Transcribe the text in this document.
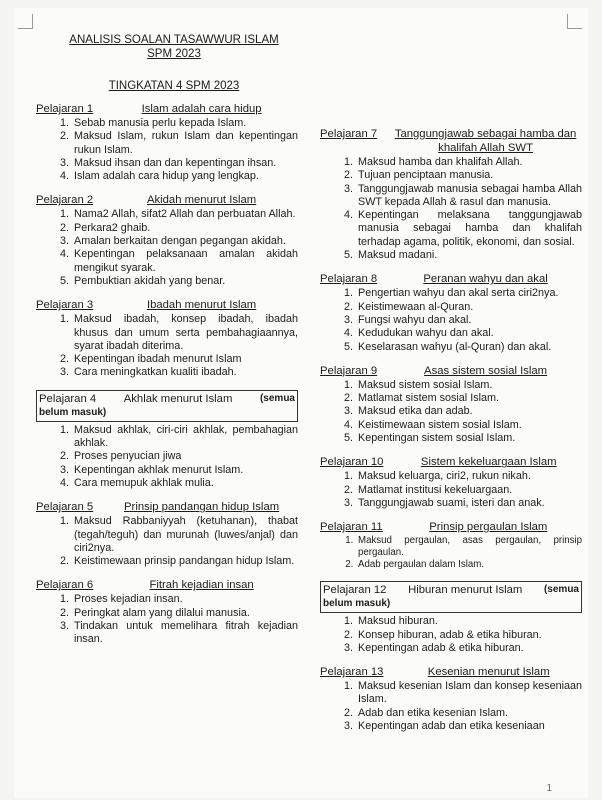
ANALISIS SOALAN TASAWWUR ISLAM
SPM 2023
TINGKATAN 4 SPM 2023
Pelajaran 1	Islam adalah cara hidup
1. Sebab manusia perlu kepada Islam.
2. Maksud Islam, rukun Islam dan kepentingan rukun Islam.
3. Maksud ihsan dan dan kepentingan ihsan.
4. Islam adalah cara hidup yang lengkap.
Pelajaran 2	Akidah menurut Islam
1. Nama2 Allah, sifat2 Allah dan perbuatan Allah.
2. Perkara2 ghaib.
3. Amalan berkaitan dengan pegangan akidah.
4. Kepentingan pelaksanaan amalan akidah mengikut syarak.
5. Pembuktian akidah yang benar.
Pelajaran 3	Ibadah menurut Islam
1. Maksud ibadah, konsep ibadah, ibadah khusus dan umum serta pembahagiaannya, syarat ibadah diterima.
2. Kepentingan ibadah menurut Islam
3. Cara meningkatkan kualiti ibadah.
Pelajaran 4 Akhlak menurut Islam	(semua
belum masuk)
1. Maksud akhlak, ciri-ciri akhlak, pembahagian akhlak.
2. Proses penyucian jiwa
3. Kepentingan akhlak menurut Islam.
4. Cara memupuk akhlak mulia.
Pelajaran 5	Prinsip pandangan hidup Islam
1. Maksud Rabbaniyyah (ketuhanan), thabat (tegah/teguh) dan murunah (luwes/anjal) dan ciri2nya.
2. Keistimewaan prinsip pandangan hidup Islam.
Pelajaran 6	Fitrah kejadian insan
1. Proses kejadian insan.
2. Peringkat alam yang dilalui manusia.
3. Tindakan untuk memelihara fitrah kejadian insan.
Pelajaran 7	Tanggungjawab sebagai hamba dan khalifah Allah SWT
1. Maksud hamba dan khalifah Allah.
2. Tujuan penciptaan manusia.
3. Tanggungjawab manusia sebagai hamba Allah SWT kepada Allah & rasul dan manusia.
4. Kepentingan melaksana tanggungjawab manusia sebagai hamba dan khalifah terhadap agama, politik, ekonomi, dan sosial.
5. Maksud madani.
Pelajaran 8	Peranan wahyu dan akal
1. Pengertian wahyu dan akal serta ciri2nya.
2. Keistimewaan al-Quran.
3. Fungsi wahyu dan akal.
4. Kedudukan wahyu dan akal.
5. Keselarasan wahyu (al-Quran) dan akal.
Pelajaran 9	Asas sistem sosial Islam
1. Maksud sistem sosial Islam.
2. Matlamat sistem sosial Islam.
3. Maksud etika dan adab.
4. Keistimewaan sistem sosial Islam.
5. Kepentingan sistem sosial Islam.
Pelajaran 10	Sistem kekeluargaan Islam
1. Maksud keluarga, ciri2, rukun nikah.
2. Matlamat institusi kekeluargaan.
3. Tanggungjawab suami, isteri dan anak.
Pelajaran 11	Prinsip pergaulan Islam
1. Maksud pergaulan, asas pergaulan, prinsip pergaulan.
2. Adab pergaulan dalam Islam.
Pelajaran 12 Hiburan menurut Islam (semua
belum masuk)
1. Maksud hiburan.
2. Konsep hiburan, adab & etika hiburan.
3. Kepentingan adab & etika hiburan.
Pelajaran 13	Kesenian menurut Islam
1. Maksud kesenian Islam dan konsep keseniaan Islam.
2. Adab dan etika kesenian Islam.
3. Kepentingan adab dan etika keseniaan
1
